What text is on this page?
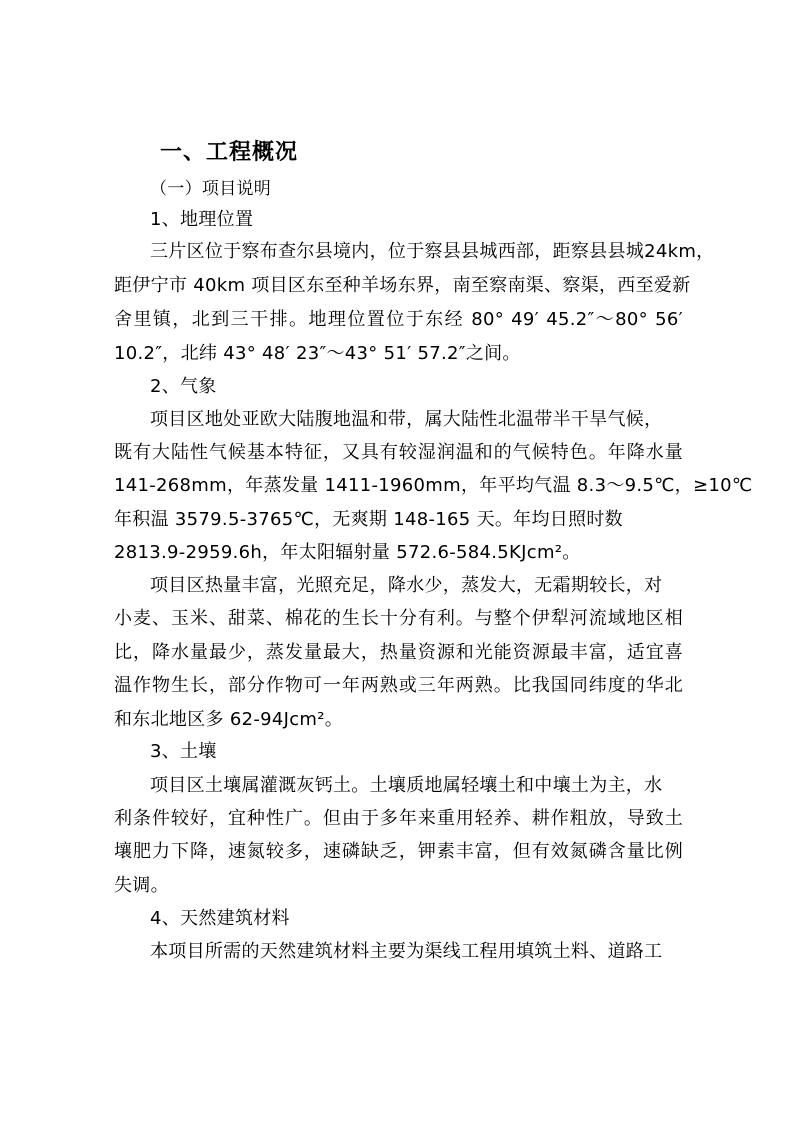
一、工程概况
（一）项目说明
1、地理位置
三片区位于察布查尔县境内，位于察县县城西部，距察县县城24km，
距伊宁市 40km 项目区东至种羊场东界，南至察南渠、察渠，西至爱新
舍里镇，北到三干排。地理位置位于东经 80° 49′ 45.2″～80° 56′
10.2″，北纬 43° 48′ 23″～43° 51′ 57.2″之间。
2、气象
项目区地处亚欧大陆腹地温和带，属大陆性北温带半干旱气候，
既有大陆性气候基本特征，又具有较湿润温和的气候特色。年降水量
141-268mm，年蒸发量 1411-1960mm，年平均气温 8.3～9.5℃，≥10℃
年积温 3579.5-3765℃，无爽期 148-165 天。年均日照时数
2813.9-2959.6h，年太阳辐射量 572.6-584.5KJcm²。
项目区热量丰富，光照充足，降水少，蒸发大，无霜期较长，对
小麦、玉米、甜菜、棉花的生长十分有利。与整个伊犁河流域地区相
比，降水量最少，蒸发量最大，热量资源和光能资源最丰富，适宜喜
温作物生长，部分作物可一年两熟或三年两熟。比我国同纬度的华北
和东北地区多 62-94Jcm²。
3、土壤
项目区土壤属灌溉灰钙土。土壤质地属轻壤土和中壤土为主，水
利条件较好，宜种性广。但由于多年来重用轻养、耕作粗放，导致土
壤肥力下降，速氮较多，速磷缺乏，钾素丰富，但有效氮磷含量比例
失调。
4、天然建筑材料
本项目所需的天然建筑材料主要为渠线工程用填筑土料、道路工
